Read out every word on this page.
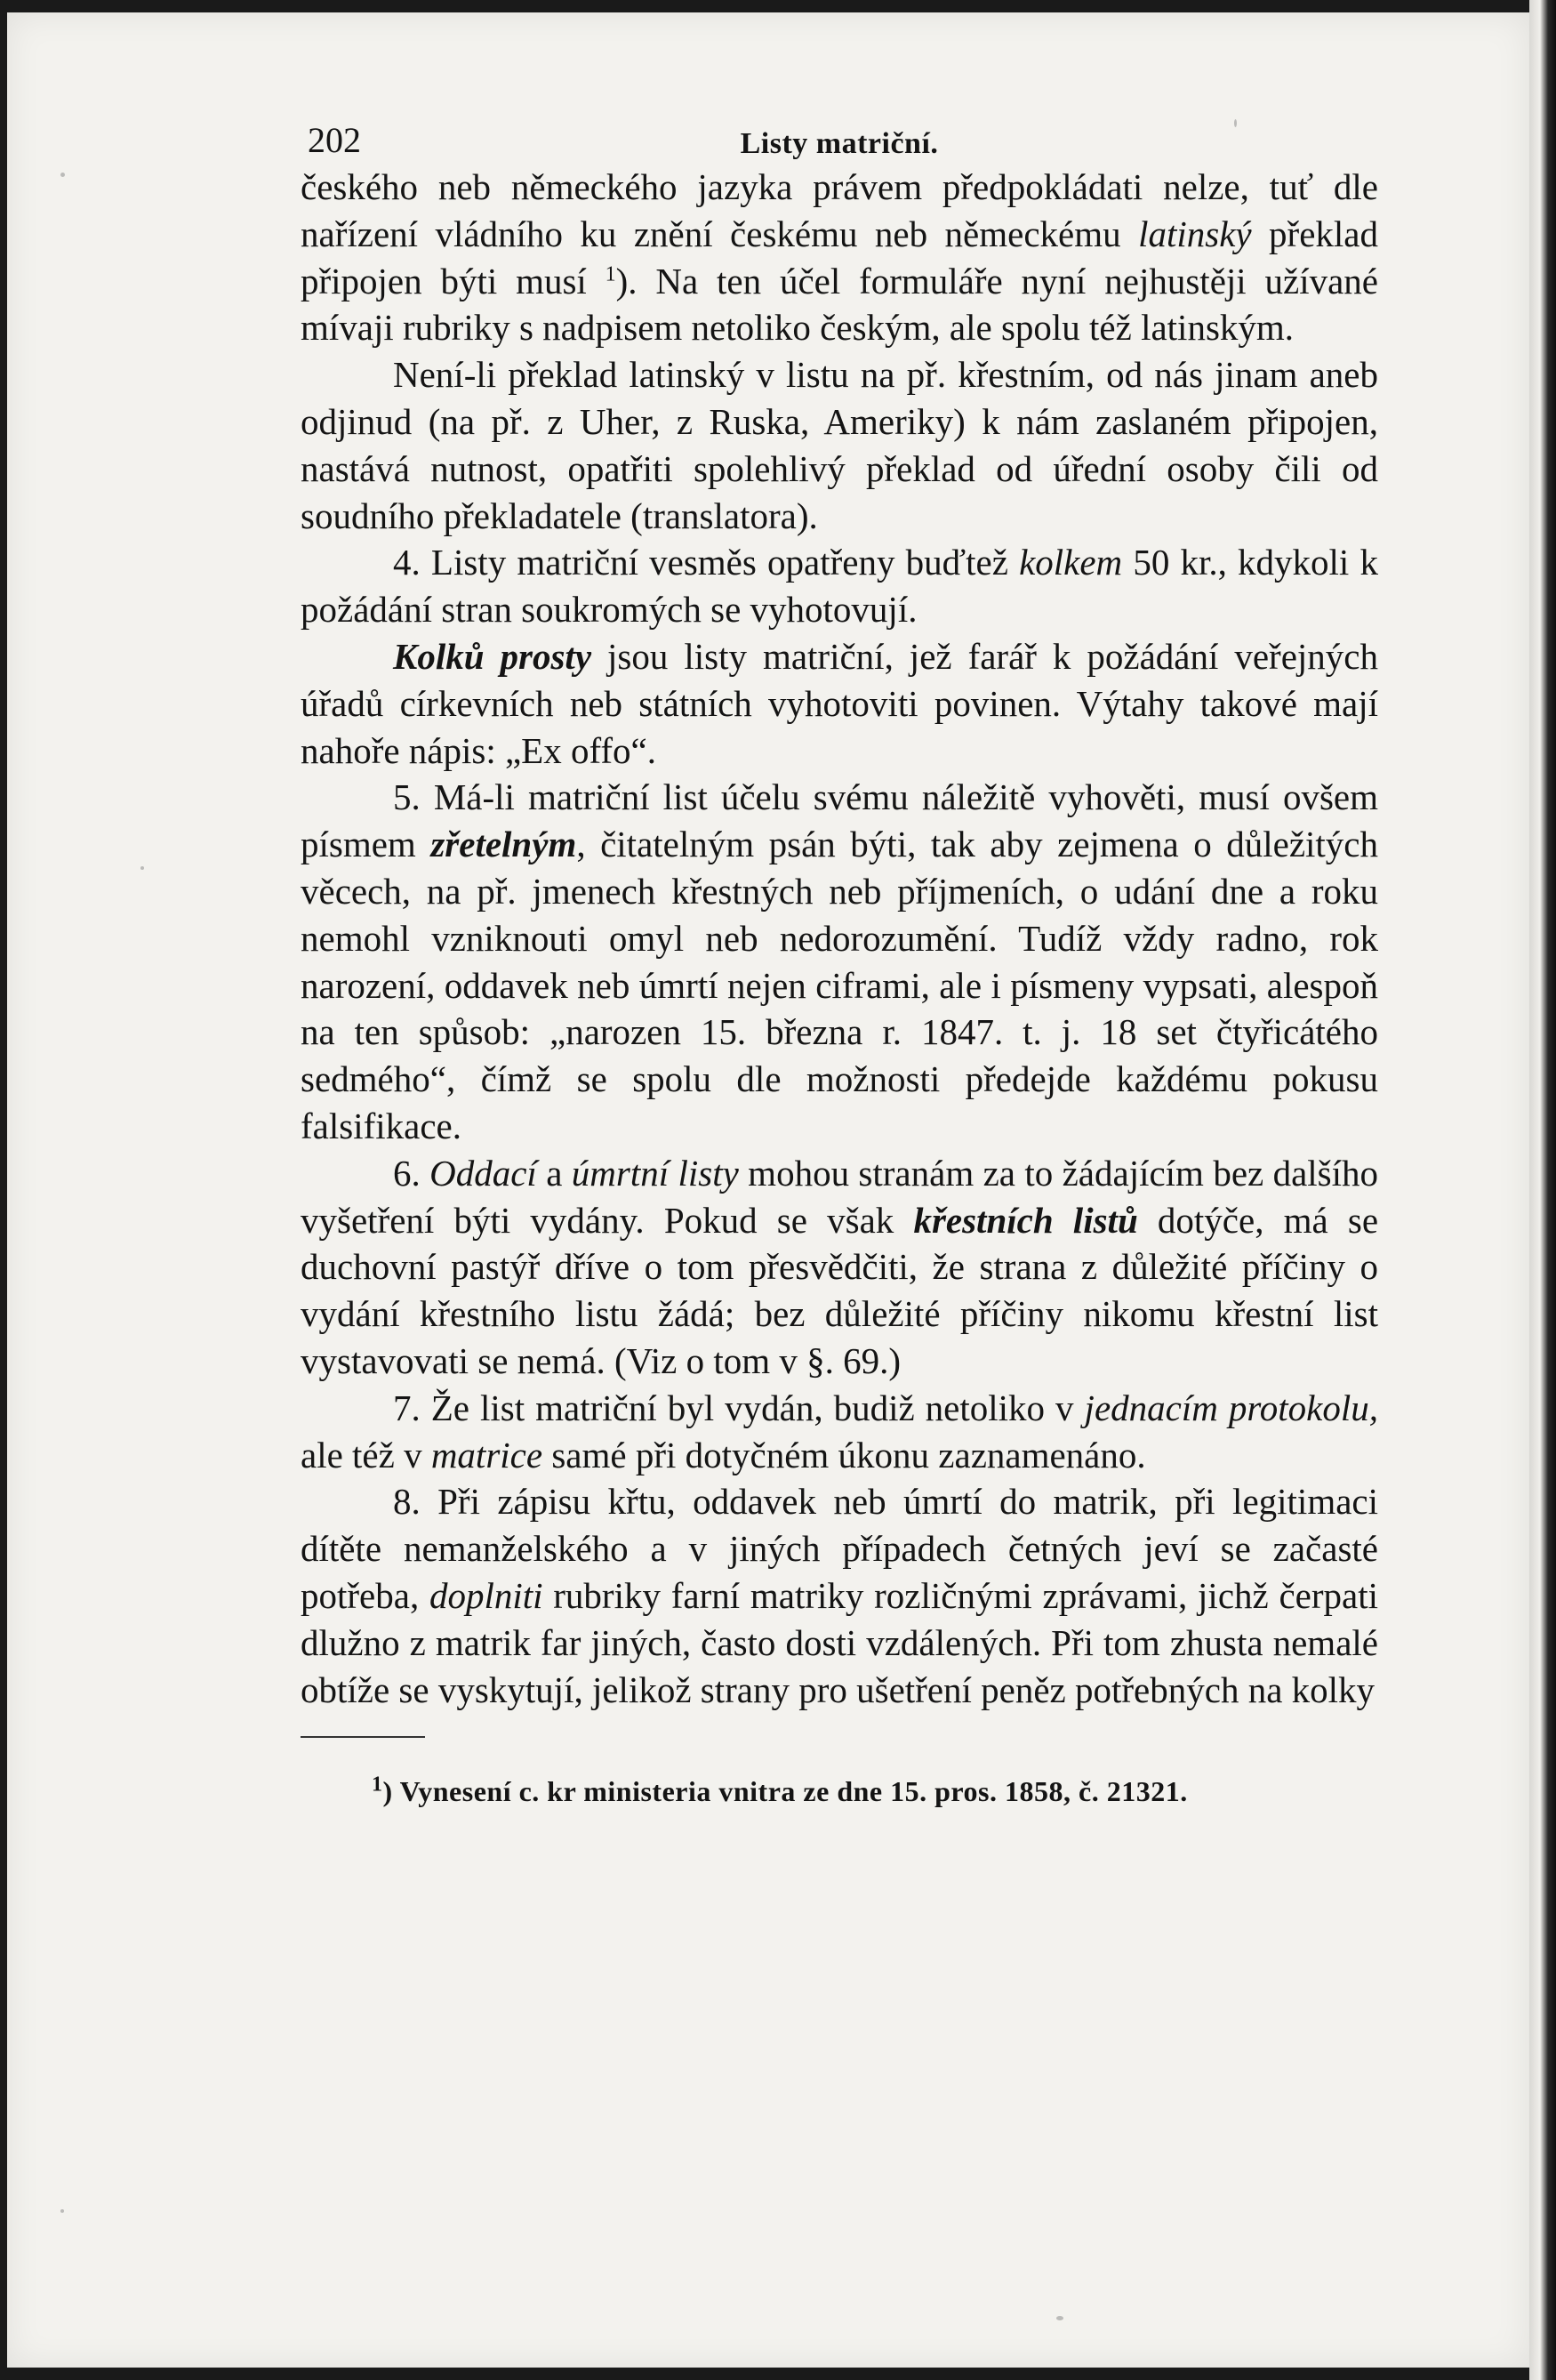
202	Listy matriční.

českého neb německého jazyka právem předpokládati nelze, tuť dle nařízení vládního ku znění českému neb německému latinský překlad připojen býti musí $^1$). Na ten účel formuláře nyní nejhustěji užívané mívaji rubriky s nadpisem netoliko českým, ale spolu též latinským.

Není-li překlad latinský v listu na př. křestním, od nás jinam aneb odjinud (na př. z Uher, z Ruska, Ameriky) k nám zaslaném připojen, nastává nutnost, opatřiti spolehlivý překlad od úřední osoby čili od soudního překladatele (translatora).

4. Listy matriční vesměs opatřeny buďtež kolkem 50 kr., kdykoli k požádání stran soukromých se vyhotovují.

Kolků prosty jsou listy matriční, jež farář k požádání veřejných úřadů církevních neb státních vyhotoviti povinen. Výtahy takové mají nahoře nápis: „Ex offo“.

5. Má-li matriční list účelu svému náležitě vyhověti, musí ovšem písmem zřetelným, čitatelným psán býti, tak aby zejmena o důležitých věcech, na př. jmenech křestných neb příjmeních, o udání dne a roku nemohl vzniknouti omyl neb nedorozumění. Tudíž vždy radno, rok narození, oddavek neb úmrtí nejen ciframi, ale i písmeny vypsati, alespoň na ten spůsob: „narozen 15. března r. 1847. t. j. 18 set čtyřicátého sedmého“, čímž se spolu dle možnosti předejde každému pokusu falsifikace.

6. Oddací a úmrtní listy mohou stranám za to žádajícím bez dalšího vyšetření býti vydány. Pokud se však křestních listů dotýče, má se duchovní pastýř dříve o tom přesvědčiti, že strana z důležité příčiny o vydání křestního listu žádá; bez důležité příčiny nikomu křestní list vystavovati se nemá. (Viz o tom v §. 69.)

7. Že list matriční byl vydán, budiž netoliko v jednacím protokolu, ale též v matrice samé při dotyčném úkonu zaznamenáno.

8. Při zápisu křtu, oddavek neb úmrtí do matrik, při legitimaci dítěte nemanželského a v jiných případech četných jeví se začasté potřeba, doplniti rubriky farní matriky rozličnými zprávami, jichž čerpati dlužno z matrik far jiných, často dosti vzdálených. Při tom zhusta nemalé obtíže se vyskytují, jelikož strany pro ušetření peněz potřebných na kolky

$^1$) Vynesení c. kr ministeria vnitra ze dne 15. pros. 1858, č. 21321.
